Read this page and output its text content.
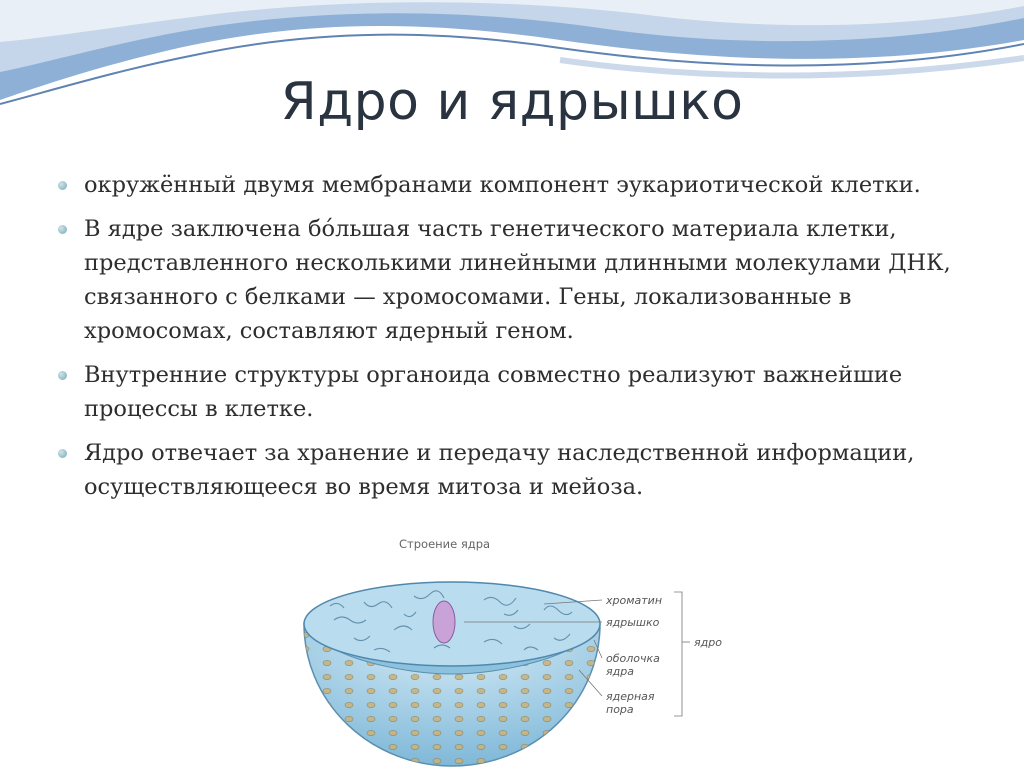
Ядро и ядрышко
окружённый двумя мембранами компонент эукариотической клетки.
В ядре заключена бо́льшая часть генетического материала клетки, представленного несколькими линейными длинными молекулами ДНК, связанного с белками — хромосомами. Гены, локализованные в хромосомах, составляют ядерный геном.
Внутренние структуры органоида совместно реализуют важнейшие процессы в клетке.
Ядро отвечает за хранение и передачу наследственной информации, осуществляющееся во время митоза и мейоза.
Строение ядра
хроматин
ядрышко
оболочка
ядра
ядерная
пора
ядро
